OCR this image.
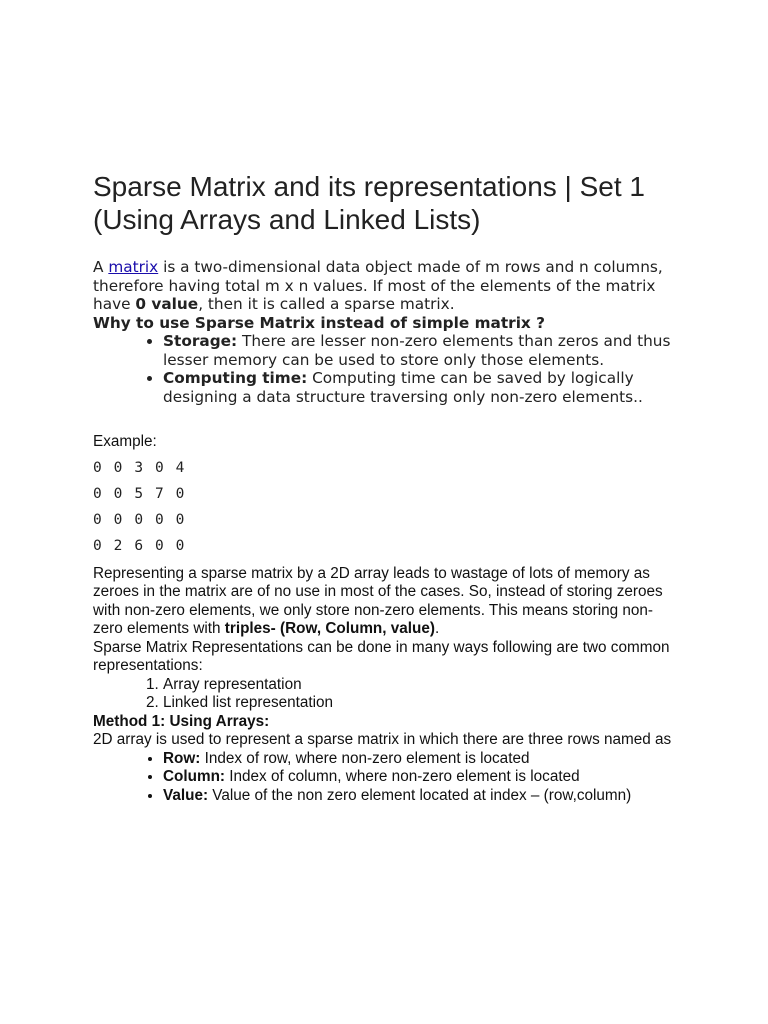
Sparse Matrix and its representations | Set 1 (Using Arrays and Linked Lists)

A matrix is a two-dimensional data object made of m rows and n columns, therefore having total m x n values. If most of the elements of the matrix have 0 value, then it is called a sparse matrix.

Why to use Sparse Matrix instead of simple matrix ?

• Storage: There are lesser non-zero elements than zeros and thus lesser memory can be used to store only those elements.
• Computing time: Computing time can be saved by logically designing a data structure traversing only non-zero elements..

Example:

0 0 3 0 4
0 0 5 7 0
0 0 0 0 0
0 2 6 0 0

Representing a sparse matrix by a 2D array leads to wastage of lots of memory as zeroes in the matrix are of no use in most of the cases. So, instead of storing zeroes with non-zero elements, we only store non-zero elements. This means storing non-zero elements with triples- (Row, Column, value).

Sparse Matrix Representations can be done in many ways following are two common representations:

1. Array representation
2. Linked list representation

Method 1: Using Arrays:

2D array is used to represent a sparse matrix in which there are three rows named as

• Row: Index of row, where non-zero element is located
• Column: Index of column, where non-zero element is located
• Value: Value of the non zero element located at index – (row,column)
